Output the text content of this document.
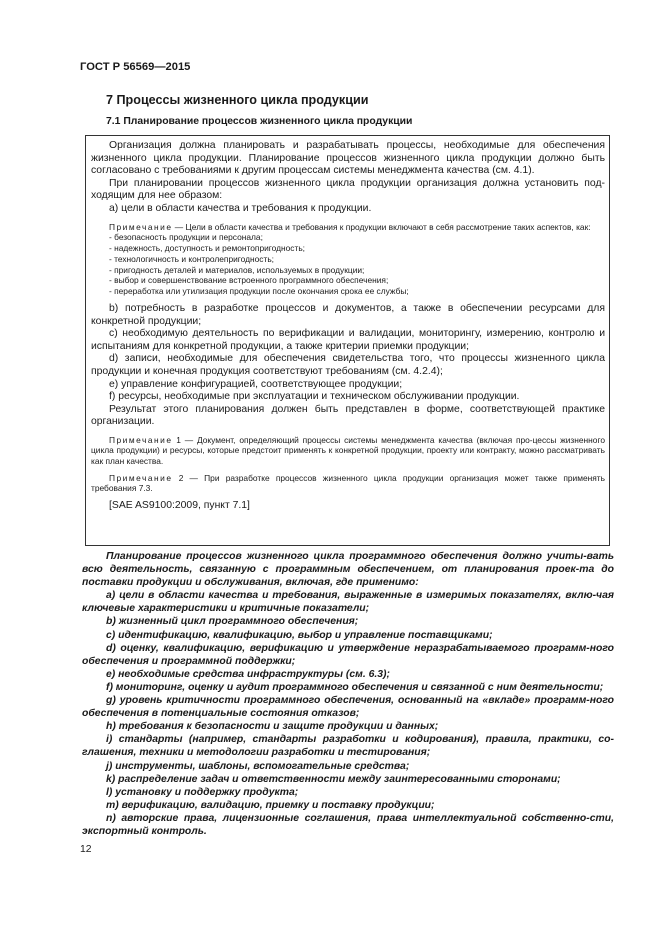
ГОСТ Р 56569—2015
7 Процессы жизненного цикла продукции
7.1 Планирование процессов жизненного цикла продукции

Организация должна планировать и разрабатывать процессы, необходимые для обеспечения жизненного цикла продукции. Планирование процессов жизненного цикла продукции должно быть согласовано с требованиями к другим процессам системы менеджмента качества (см. 4.1).

При планировании процессов жизненного цикла продукции организация должна установить под-ходящим для нее образом:

а) цели в области качества и требования к продукции.

Примечание — Цели в области качества и требования к продукции включают в себя рассмотрение таких аспектов, как:

- безопасность продукции и персонала;

- надежность, доступность и ремонтопригодность;

- технологичность и контролепригодность;

- пригодность деталей и материалов, используемых в продукции;

- выбор и совершенствование встроенного программного обеспечения;

- переработка или утилизация продукции после окончания срока ее службы;

b) потребность в разработке процессов и документов, а также в обеспечении ресурсами для конкретной продукции;

c) необходимую деятельность по верификации и валидации, мониторингу, измерению, контролю и испытаниям для конкретной продукции, а также критерии приемки продукции;

d) записи, необходимые для обеспечения свидетельства того, что процессы жизненного цикла продукции и конечная продукция соответствуют требованиям (см. 4.2.4);

e) управление конфигурацией, соответствующее продукции;

f) ресурсы, необходимые при эксплуатации и техническом обслуживании продукции.

Результат этого планирования должен быть представлен в форме, соответствующей практике организации.

Примечание 1 — Документ, определяющий процессы системы менеджмента качества (включая про-цессы жизненного цикла продукции) и ресурсы, которые предстоит применять к конкретной продукции, проекту или контракту, можно рассматривать как план качества.

Примечание 2 — При разработке процессов жизненного цикла продукции организация может также применять требования 7.3.

[SAE AS9100:2009, пункт 7.1]

Планирование процессов жизненного цикла программного обеспечения должно учиты-вать всю деятельность, связанную с программным обеспечением, от планирования проек-та до поставки продукции и обслуживания, включая, где применимо:

a) цели в области качества и требования, выраженные в измеримых показателях, вклю-чая ключевые характеристики и критичные показатели;

b) жизненный цикл программного обеспечения;

c) идентификацию, квалификацию, выбор и управление поставщиками;

d) оценку, квалификацию, верификацию и утверждение неразрабатываемого программ-ного обеспечения и программной поддержки;

e) необходимые средства инфраструктуры (см. 6.3);

f) мониторинг, оценку и аудит программного обеспечения и связанной с ним деятельности;

g) уровень критичности программного обеспечения, основанный на «вкладе» программ-ного обеспечения в потенциальные состояния отказов;

h) требования к безопасности и защите продукции и данных;

i) стандарты (например, стандарты разработки и кодирования), правила, практики, со-глашения, техники и методологии разработки и тестирования;

j) инструменты, шаблоны, вспомогательные средства;

k) распределение задач и ответственности между заинтересованными сторонами;

l) установку и поддержку продукта;

m) верификацию, валидацию, приемку и поставку продукции;

n) авторские права, лицензионные соглашения, права интеллектуальной собственно-сти, экспортный контроль.

12
